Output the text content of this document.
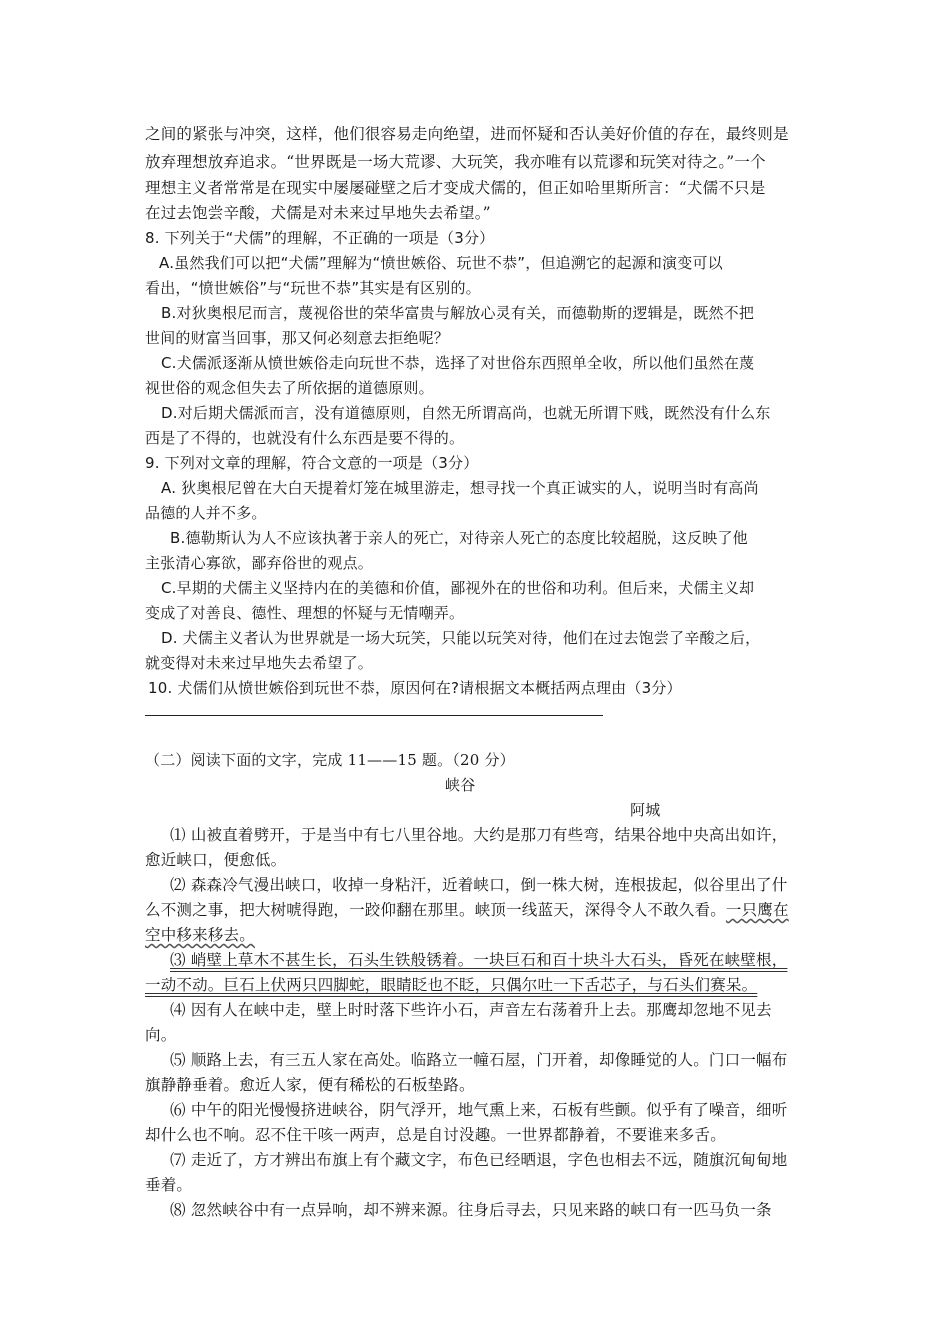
之间的紧张与冲突，这样，他们很容易走向绝望，进而怀疑和否认美好价值的存在，最终则是
放弃理想放弃追求。“世界既是一场大荒谬、大玩笑，我亦唯有以荒谬和玩笑对待之。”一个
理想主义者常常是在现实中屡屡碰壁之后才变成犬儒的，但正如哈里斯所言：“犬儒不只是
在过去饱尝辛酸，犬儒是对未来过早地失去希望。”
8. 下列关于“犬儒”的理解，不正确的一项是（3分）
A.虽然我们可以把“犬儒”理解为“愤世嫉俗、玩世不恭”，但追溯它的起源和演变可以
看出，“愤世嫉俗”与“玩世不恭”其实是有区别的。
B.对狄奥根尼而言，蔑视俗世的荣华富贵与解放心灵有关，而德勒斯的逻辑是，既然不把
世间的财富当回事，那又何必刻意去拒绝呢？
C.犬儒派逐渐从愤世嫉俗走向玩世不恭，选择了对世俗东西照单全收，所以他们虽然在蔑
视世俗的观念但失去了所依据的道德原则。
D.对后期犬儒派而言，没有道德原则，自然无所谓高尚，也就无所谓下贱，既然没有什么东
西是了不得的，也就没有什么东西是要不得的。
9. 下列对文章的理解，符合文意的一项是（3分）
A. 狄奥根尼曾在大白天提着灯笼在城里游走，想寻找一个真正诚实的人，说明当时有高尚
品德的人并不多。
B.德勒斯认为人不应该执著于亲人的死亡，对待亲人死亡的态度比较超脱，这反映了他
主张清心寡欲，鄙弃俗世的观点。
C.早期的犬儒主义坚持内在的美德和价值，鄙视外在的世俗和功利。但后来，犬儒主义却
变成了对善良、德性、理想的怀疑与无情嘲弄。
D. 犬儒主义者认为世界就是一场大玩笑，只能以玩笑对待，他们在过去饱尝了辛酸之后，
就变得对未来过早地失去希望了。
10. 犬儒们从愤世嫉俗到玩世不恭，原因何在?请根据文本概括两点理由（3分）
（二）阅读下面的文字，完成 11——15 题。（20 分）
峡谷
阿城
⑴ 山被直着劈开，于是当中有七八里谷地。大约是那刀有些弯，结果谷地中央高出如许，
愈近峡口，便愈低。
⑵ 森森冷气漫出峡口，收掉一身粘汗，近着峡口，倒一株大树，连根拔起，似谷里出了什
么不测之事，把大树唬得跑，一跤仰翻在那里。峡顶一线蓝天，深得令人不敢久看。一只鹰在
空中移来移去。
⑶ 峭壁上草木不甚生长，石头生铁般锈着。一块巨石和百十块斗大石头，昏死在峡壁根，
一动不动。巨石上伏两只四脚蛇，眼睛眨也不眨，只偶尔吐一下舌芯子，与石头们赛呆。
⑷ 因有人在峡中走，壁上时时落下些许小石，声音左右荡着升上去。那鹰却忽地不见去
向。
⑸ 顺路上去，有三五人家在高处。临路立一幢石屋，门开着，却像睡觉的人。门口一幅布
旗静静垂着。愈近人家，便有稀松的石板垫路。
⑹ 中午的阳光慢慢挤进峡谷，阴气浮开，地气熏上来，石板有些颤。似乎有了噪音，细听
却什么也不响。忍不住干咳一两声，总是自讨没趣。一世界都静着，不要谁来多舌。
⑺ 走近了，方才辨出布旗上有个藏文字，布色已经晒退，字色也相去不远，随旗沉甸甸地
垂着。
⑻ 忽然峡谷中有一点异响，却不辨来源。往身后寻去，只见来路的峡口有一匹马负一条
